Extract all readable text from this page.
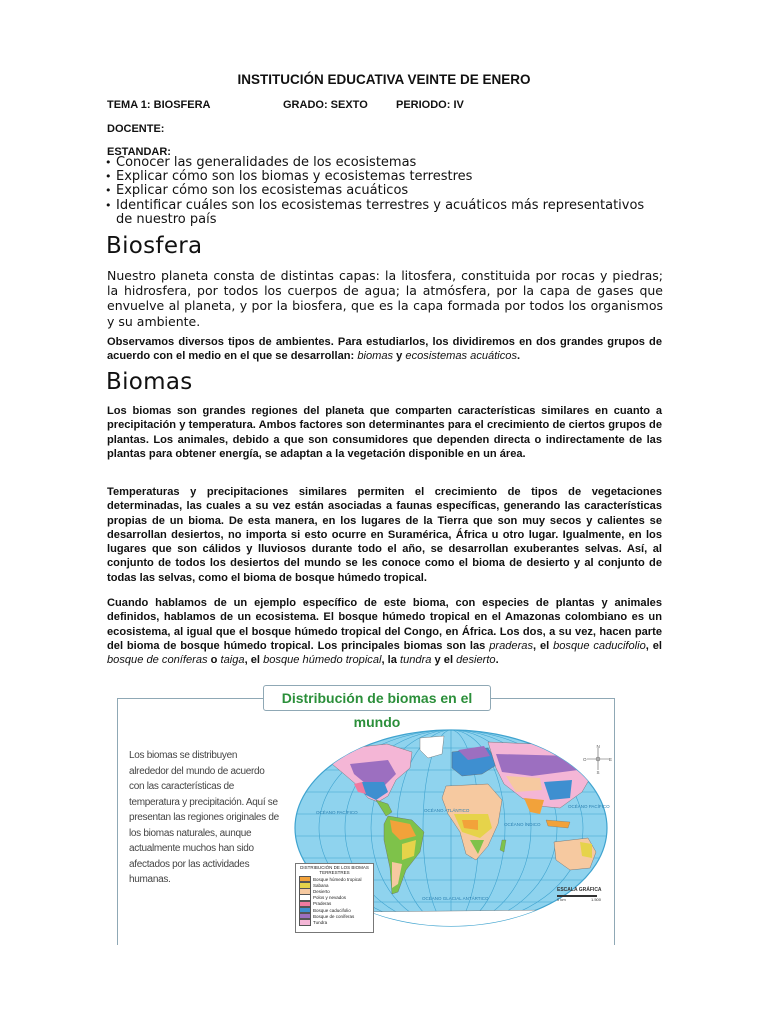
INSTITUCIÓN EDUCATIVA VEINTE DE ENERO
TEMA 1: BIOSFERA	GRADO: SEXTO	PERIODO: IV
DOCENTE:
ESTANDAR:
• Conocer las generalidades de los ecosistemas
• Explicar cómo son los biomas y ecosistemas terrestres
• Explicar cómo son los ecosistemas acuáticos
• Identificar cuáles son los ecosistemas terrestres y acuáticos más representativos de nuestro país
Biosfera

Nuestro planeta consta de distintas capas: la litosfera, constituida por rocas y piedras; la hidrosfera, por todos los cuerpos de agua; la atmósfera, por la capa de gases que envuelve al planeta, y por la biosfera, que es la capa formada por todos los organismos y su ambiente.

Observamos diversos tipos de ambientes. Para estudiarlos, los dividiremos en dos grandes grupos de acuerdo con el medio en el que se desarrollan: biomas y ecosistemas acuáticos.

Biomas

Los biomas son grandes regiones del planeta que comparten características similares en cuanto a precipitación y temperatura. Ambos factores son determinantes para el crecimiento de ciertos grupos de plantas. Los animales, debido a que son consumidores que dependen directa o indirectamente de las plantas para obtener energía, se adaptan a la vegetación disponible en un área.

Temperaturas y precipitaciones similares permiten el crecimiento de tipos de vegetaciones determinadas, las cuales a su vez están asociadas a faunas específicas, generando las características propias de un bioma. De esta manera, en los lugares de la Tierra que son muy secos y calientes se desarrollan desiertos, no importa si esto ocurre en Suramérica, África u otro lugar. Igualmente, en los lugares que son cálidos y lluviosos durante todo el año, se desarrollan exuberantes selvas. Así, al conjunto de todos los desiertos del mundo se les conoce como el bioma de desierto y al conjunto de todas las selvas, como el bioma de bosque húmedo tropical.

Cuando hablamos de un ejemplo específico de este bioma, con especies de plantas y animales definidos, hablamos de un ecosistema. El bosque húmedo tropical en el Amazonas colombiano es un ecosistema, al igual que el bosque húmedo tropical del Congo, en África. Los dos, a su vez, hacen parte del bioma de bosque húmedo tropical. Los principales biomas son las praderas, el bosque caducifolio, el bosque de coníferas o taiga, el bosque húmedo tropical, la tundra y el desierto.

Distribución de biomas en el mundo
Los biomas se distribuyen alrededor del mundo de acuerdo con las características de temperatura y precipitación. Aquí se presentan las regiones originales de los biomas naturales, aunque actualmente muchos han sido afectados por las actividades humanas.
OCÉANO PACÍFICO	OCÉANO ATLÁNTICO
OCÉANO ÍNDICO
OCÉANO PACÍFICO
OCÉANO GLACIAL ANTÁRTICO
DISTRIBUCIÓN DE LOS BIOMAS TERRESTRES
Bosque húmedo tropical
Sabana
Desierto
Polos y nevados
Praderas
Bosque caducifolio
Bosque de coníferas
Tundra
N
S
E
O
ESCALA GRÁFICA
0 km	1.500
